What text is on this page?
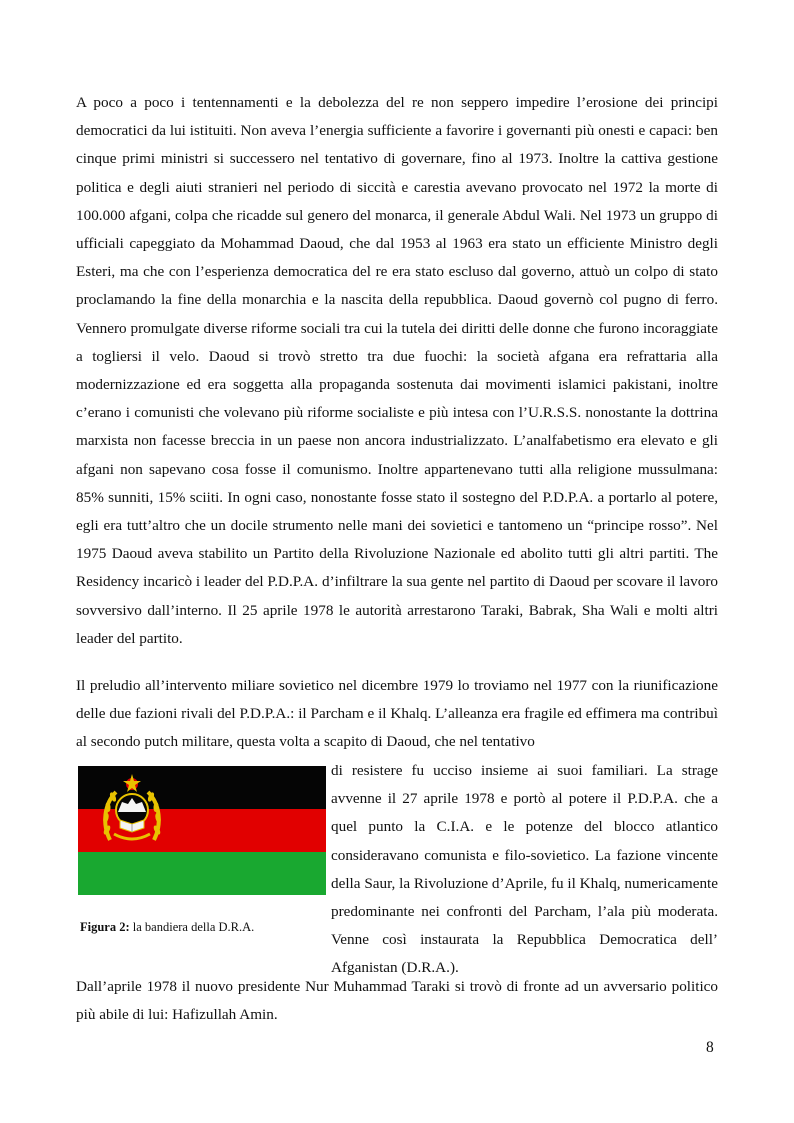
A poco a poco i tentennamenti e la debolezza del re non seppero impedire l’erosione dei principi democratici da lui istituiti. Non aveva l’energia sufficiente a favorire i governanti più onesti e capaci: ben cinque primi ministri si successero nel tentativo di governare, fino al 1973. Inoltre la cattiva gestione politica e degli aiuti stranieri nel periodo di siccità e carestia avevano provocato nel 1972 la morte di 100.000 afgani, colpa che ricadde sul genero del monarca, il generale Abdul Wali. Nel 1973 un gruppo di ufficiali capeggiato da Mohammad Daoud, che dal 1953 al 1963 era stato un efficiente Ministro degli Esteri, ma che con l’esperienza democratica del re era stato escluso dal governo, attuò un colpo di stato proclamando la fine della monarchia e la nascita della repubblica. Daoud governò col pugno di ferro. Vennero promulgate diverse riforme sociali tra cui la tutela dei diritti delle donne che furono incoraggiate a togliersi il velo. Daoud si trovò stretto tra due fuochi: la società afgana era refrattaria alla modernizzazione ed era soggetta alla propaganda sostenuta dai movimenti islamici pakistani, inoltre c’erano i comunisti che volevano più riforme socialiste e più intesa con l’U.R.S.S. nonostante la dottrina marxista non facesse breccia in un paese non ancora industrializzato. L’analfabetismo era elevato e gli afgani non sapevano cosa fosse il comunismo. Inoltre appartenevano tutti alla religione mussulmana: 85% sunniti, 15% sciiti. In ogni caso, nonostante fosse stato il sostegno del P.D.P.A. a portarlo al potere, egli era tutt’altro che un docile strumento nelle mani dei sovietici e tantomeno un “principe rosso”. Nel 1975 Daoud aveva stabilito un Partito della Rivoluzione Nazionale ed abolito tutti gli altri partiti. The Residency incaricò i leader del P.D.P.A. d’infiltrare la sua gente nel partito di Daoud per scovare il lavoro sovversivo dall’interno. Il 25 aprile 1978 le autorità arrestarono Taraki, Babrak, Sha Wali e molti altri leader del partito.
Il preludio all’intervento miliare sovietico nel dicembre 1979 lo troviamo nel 1977 con la riunificazione delle due fazioni rivali del P.D.P.A.: il Parcham e il Khalq. L’alleanza era fragile ed effimera ma contribuì al secondo putch militare, questa volta a scapito di Daoud, che nel tentativo
Figura 2: la bandiera della D.R.A.
di resistere fu ucciso insieme ai suoi familiari. La strage avvenne il 27 aprile 1978 e portò al potere il P.D.P.A. che a quel punto la C.I.A. e le potenze del blocco atlantico consideravano comunista e filo-sovietico. La fazione vincente della Saur, la Rivoluzione d’Aprile, fu il Khalq, numericamente predominante nei confronti del Parcham, l’ala più moderata. Venne così instaurata la Repubblica Democratica dell’ Afganistan (D.R.A.).
Dall’aprile 1978 il nuovo presidente Nur Muhammad Taraki si trovò di fronte ad un avversario politico più abile di lui: Hafizullah Amin.
8
